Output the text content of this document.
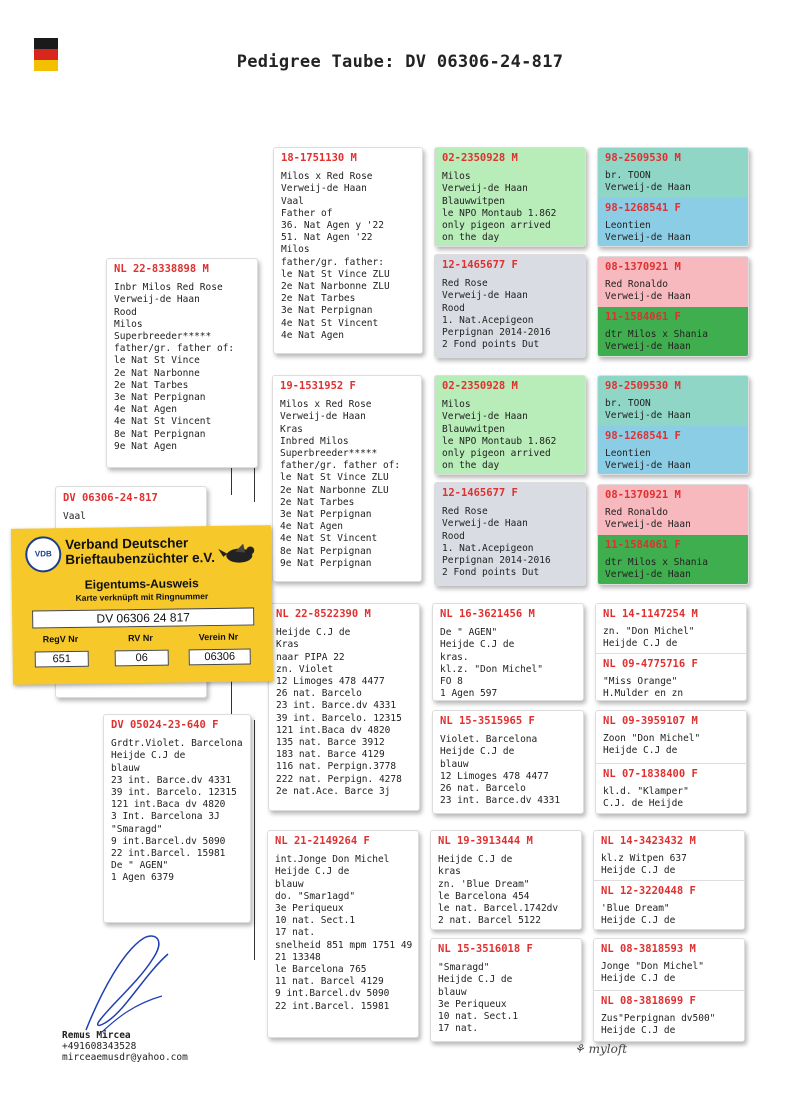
Pedigree Taube: DV 06306-24-817
DV 06306-24-817
Vaal
NL 22-8338898 M
Inbr Milos Red Rose
Verweij-de Haan
Rood
Milos
Superbreeder*****
father/gr. father of:
le Nat St Vince
2e Nat Narbonne
2e Nat Tarbes
3e Nat Perpignan
4e Nat Agen
4e Nat St Vincent
8e Nat Perpignan
9e Nat Agen
DV 05024-23-640 F
Grdtr.Violet. Barcelona
Heijde C.J de
blauw
23 int. Barce.dv 4331
39 int. Barcelo. 12315
121 int.Baca dv 4820
3 Int. Barcelona 3J
"Smaragd"
9 int.Barcel.dv 5090
22 int.Barcel. 15981
De " AGEN"
1 Agen 6379
18-1751130 M
Milos x Red Rose
Verweij-de Haan
Vaal
Father of
36. Nat Agen y '22
51. Nat Agen '22
Milos
father/gr. father:
le Nat St Vince ZLU
2e Nat Narbonne ZLU
2e Nat Tarbes
3e Nat Perpignan
4e Nat St Vincent
4e Nat Agen
19-1531952 F
Milos x Red Rose
Verweij-de Haan
Kras
Inbred Milos
Superbreeder*****
father/gr. father of:
le Nat St Vince ZLU
2e Nat Narbonne ZLU
2e Nat Tarbes
3e Nat Perpignan
4e Nat Agen
4e Nat St Vincent
8e Nat Perpignan
9e Nat Perpignan
NL 22-8522390 M
Heijde C.J de
Kras
naar PIPA 22
zn. Violet
12 Limoges 478 4477
26 nat. Barcelo
23 int. Barce.dv 4331
39 int. Barcelo. 12315
121 int.Baca dv 4820
135 nat. Barce 3912
183 nat. Barce 4129
116 nat. Perpign.3778
222 nat. Perpign. 4278
2e nat.Ace. Barce 3j
NL 21-2149264 F
int.Jonge Don Michel
Heijde C.J de
blauw
do. "Smar1agd"
3e Periqueux
10 nat. Sect.1
17 nat.
snelheid 851 mpm 1751 49
21 13348
le Barcelona 765
11 nat. Barcel 4129
9 int.Barcel.dv 5090
22 int.Barcel. 15981
02-2350928 M
Milos
Verweij-de Haan
Blauwwitpen
le NPO Montaub 1.862
only pigeon arrived
on the day
12-1465677 F
Red Rose
Verweij-de Haan
Rood
1. Nat.Acepigeon
Perpignan 2014-2016
2 Fond points Dut
02-2350928 M
Milos
Verweij-de Haan
Blauwwitpen
le NPO Montaub 1.862
only pigeon arrived
on the day
12-1465677 F
Red Rose
Verweij-de Haan
Rood
1. Nat.Acepigeon
Perpignan 2014-2016
2 Fond points Dut
NL 16-3621456 M
De " AGEN"
Heijde C.J de
kras.
kl.z. "Don Michel"
FO 8
1 Agen 597
NL 15-3515965 F
Violet. Barcelona
Heijde C.J de
blauw
12 Limoges 478 4477
26 nat. Barcelo
23 int. Barce.dv 4331
NL 19-3913444 M
Heijde C.J de
kras
zn. 'Blue Dream"
le Barcelona 454
le nat. Barcel.1742dv
2 nat. Barcel 5122
NL 15-3516018 F
"Smaragd"
Heijde C.J de
blauw
3e Periqueux
10 nat. Sect.1
17 nat.
98-2509530 M
br. TOON
Verweij-de Haan
98-1268541 F
Leontien
Verweij-de Haan
08-1370921 M
Red Ronaldo
Verweij-de Haan
11-1584061 F
dtr Milos x Shania
Verweij-de Haan
98-2509530 M
br. TOON
Verweij-de Haan
98-1268541 F
Leontien
Verweij-de Haan
08-1370921 M
Red Ronaldo
Verweij-de Haan
11-1584061 F
dtr Milos x Shania
Verweij-de Haan
NL 14-1147254 M
zn. "Don Michel"
Heijde C.J de
NL 09-4775716 F
"Miss Orange"
H.Mulder en zn
NL 09-3959107 M
Zoon "Don Michel"
Heijde C.J de
NL 07-1838400 F
kl.d. "Klamper"
C.J. de Heijde
NL 14-3423432 M
kl.z Witpen 637
Heijde C.J de
NL 12-3220448 F
'Blue Dream"
Heijde C.J de
NL 08-3818593 M
Jonge "Don Michel"
Heijde C.J de
NL 08-3818699 F
Zus"Perpignan dv500"
Heijde C.J de
VDB
Verband Deutscher
Brieftaubenzüchter e.V.
Eigentums-Ausweis
Karte verknüpft mit Ringnummer
DV 06306 24 817
RegV Nr	RV Nr	Verein Nr
651	06	06306
Remus Mircea
+491608343528
mirceaemusdr@yahoo.com
⚘ myloft
